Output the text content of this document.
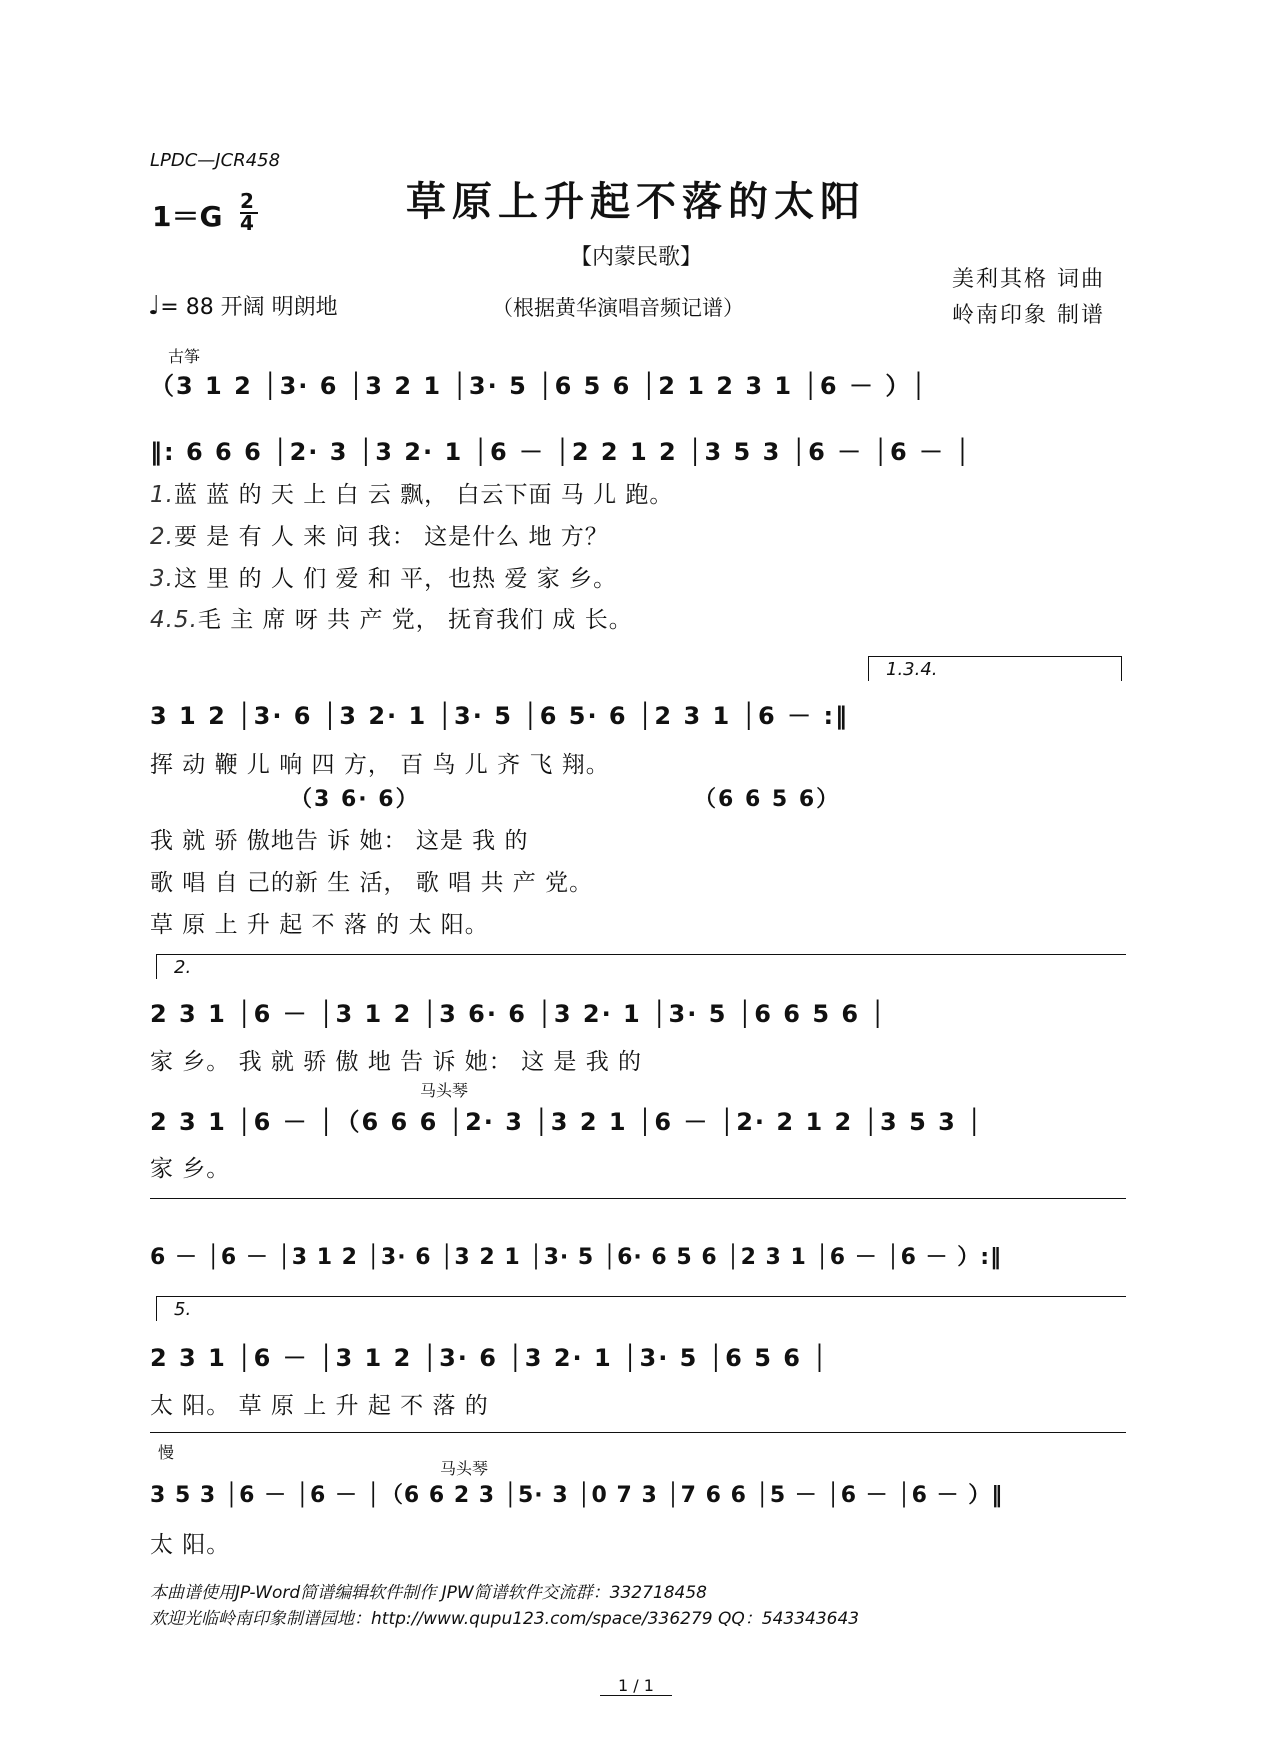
LPDC—JCR458
草原上升起不落的太阳
1＝G 2
4
【内蒙民歌】
美利其格 词曲
岭南印象 制谱
♩= 88 开阔 明朗地	（根据黄华演唱音频记谱）
古筝
（3 1 2 │3· 6 │3 2 1 │3· 5 │6 5 6 │2 1 2 3 1 │6 － ）│
‖: 6 6 6 │2· 3 │3 2· 1 │6 － │2 2 1 2 │3 5 3 │6 － │6 － │
1.蓝 蓝 的 天 上 白 云 飘， 白云下面 马 儿 跑。
2.要 是 有 人 来 问 我： 这是什么 地 方？
3.这 里 的 人 们 爱 和 平，也热 爱 家 乡。
4.5.毛 主 席 呀 共 产 党， 抚育我们 成 长。
1.3.4.
3 1 2 │3· 6 │3 2· 1 │3· 5 │6 5· 6 │2 3 1 │6 － :‖
挥 动 鞭 儿 响 四 方， 百 鸟 儿 齐 飞 翔。
（3 6· 6）	（6 6 5 6）
我 就 骄 傲地告 诉 她： 这是 我 的
歌 唱 自 己的新 生 活， 歌 唱 共 产 党。
草 原 上 升 起 不 落 的 太 阳。
2.
2 3 1 │6 － │3 1 2 │3 6· 6 │3 2· 1 │3· 5 │6 6 5 6 │
家 乡。 我 就 骄 傲 地 告 诉 她： 这 是 我 的
马头琴
2 3 1 │6 － │（6 6 6 │2· 3 │3 2 1 │6 － │2· 2 1 2 │3 5 3 │
家 乡。
6 － │6 － │3 1 2 │3· 6 │3 2 1 │3· 5 │6· 6 5 6 │2 3 1 │6 － │6 － ）:‖
5.
2 3 1 │6 － │3 1 2 │3· 6 │3 2· 1 │3· 5 │6 5 6 │
太 阳。 草 原 上 升 起 不 落 的
慢
马头琴
3 5 3 │6 － │6 － │（6 6 2 3 │5· 3 │0 7 3 │7 6 6 │5 － │6 － │6 － ）‖
太 阳。
本曲谱使用JP-Word简谱编辑软件制作 JPW简谱软件交流群：332718458
欢迎光临岭南印象制谱园地：http://www.qupu123.com/space/336279 QQ：543343643
1 / 1
